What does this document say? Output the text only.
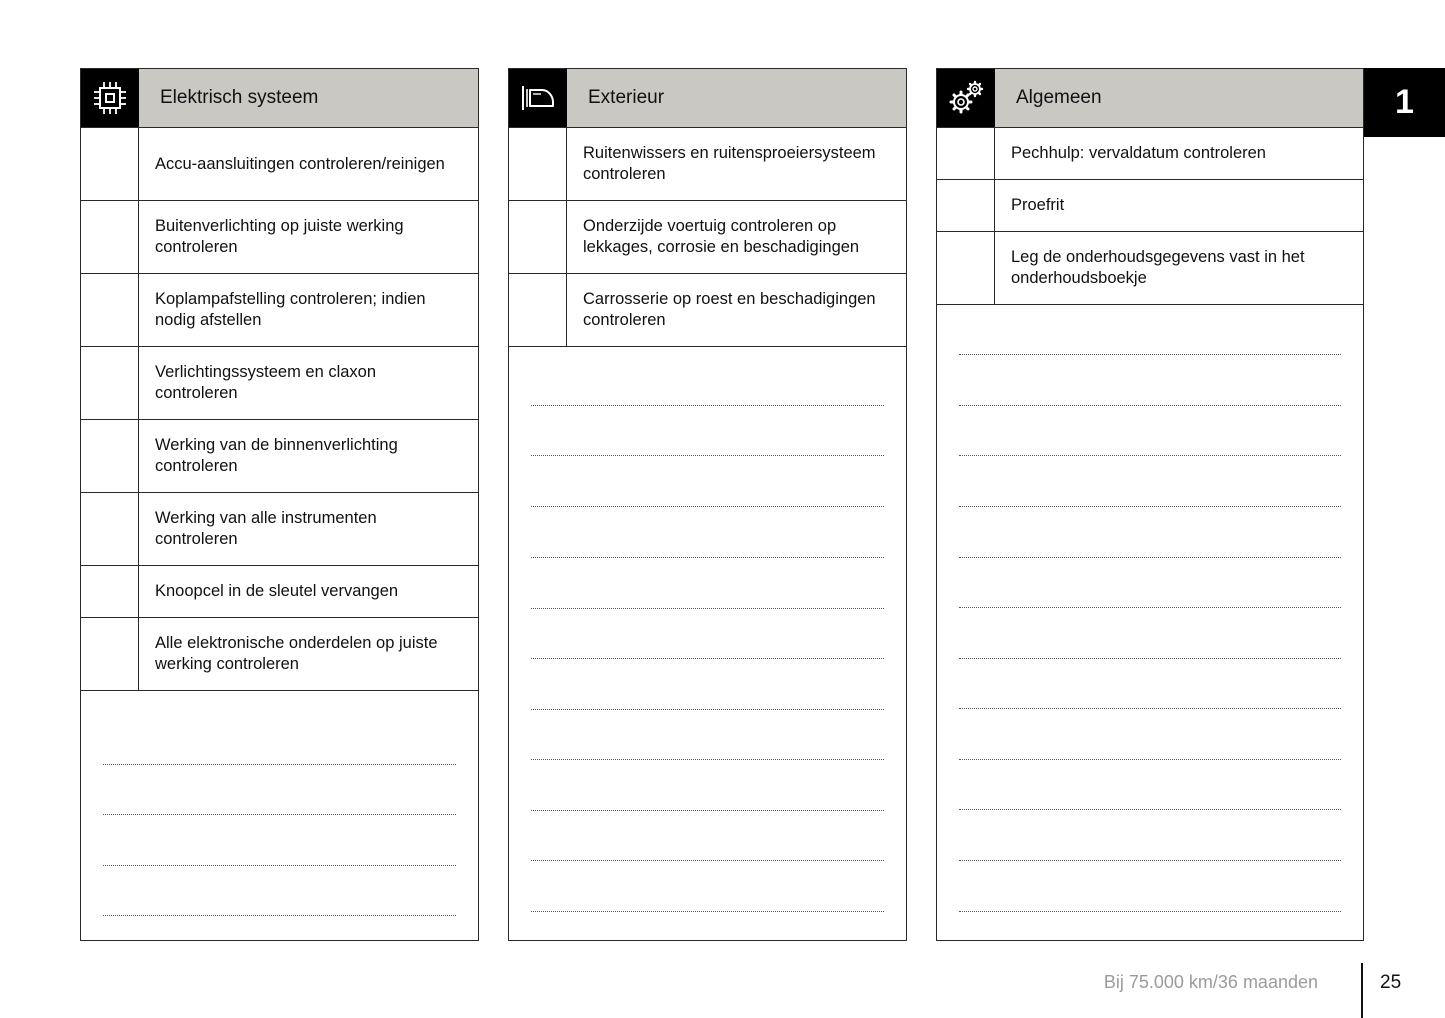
Elektrisch systeem
Accu-aansluitingen controleren/reinigen
Buitenverlichting op juiste werking controleren
Koplampafstelling controleren; indien nodig afstellen
Verlichtingssysteem en claxon controleren
Werking van de binnenverlichting controleren
Werking van alle instrumenten controleren
Knoopcel in de sleutel vervangen
Alle elektronische onderdelen op juiste werking controleren
Exterieur
Ruitenwissers en ruitensproeiersysteem controleren
Onderzijde voertuig controleren op lekkages, corrosie en beschadigingen
Carrosserie op roest en beschadigingen controleren
Algemeen
Pechhulp: vervaldatum controleren
Proefrit
Leg de onderhoudsgegevens vast in het onderhoudsboekje
1
Bij 75.000 km/36 maanden	25
